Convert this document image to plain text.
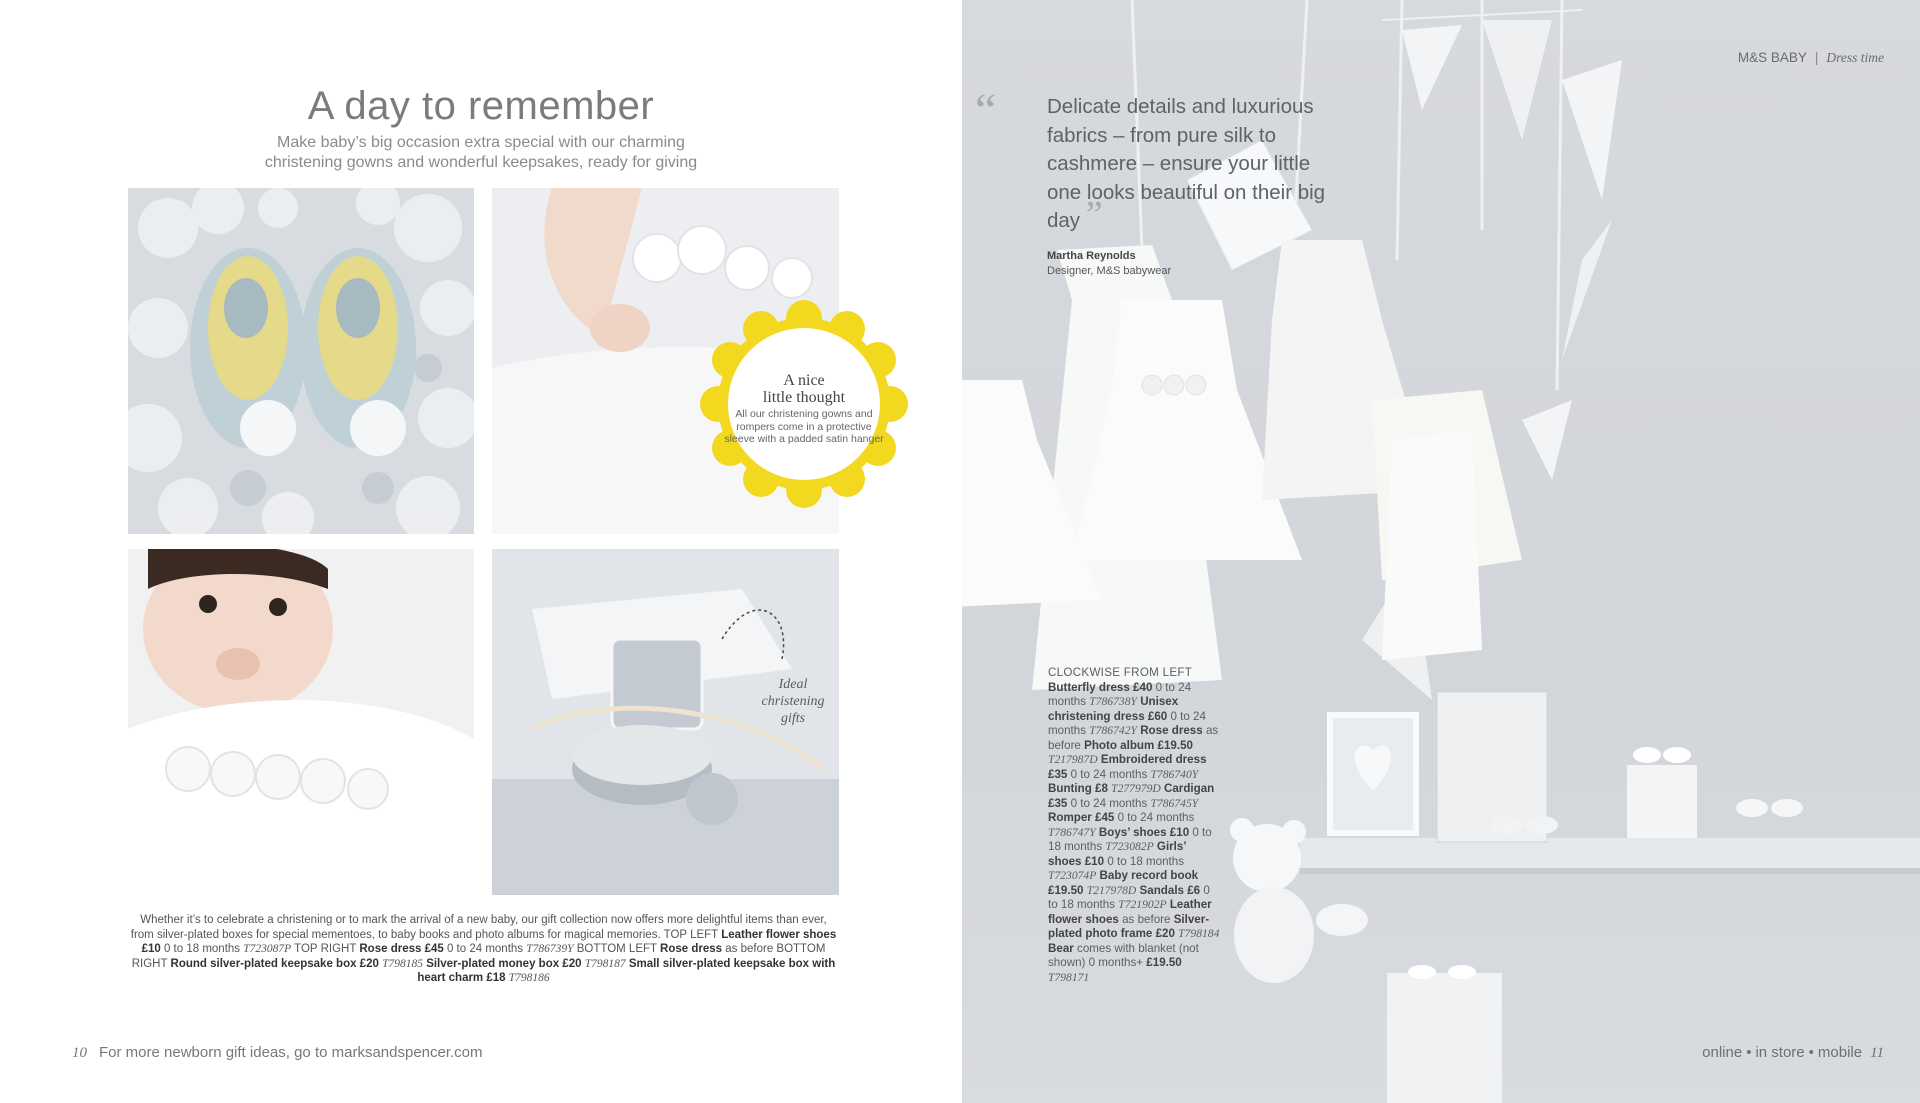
A day to remember
Make baby’s big occasion extra special with our charming
christening gowns and wonderful keepsakes, ready for giving
A nice
little thought
All our christening gowns and rompers come in a protective sleeve with a padded satin hanger
Ideal
christening
gifts
Whether it’s to celebrate a christening or to mark the arrival of a new baby, our gift collection now offers more delightful items than ever, from silver-plated boxes for special mementoes, to baby books and photo albums for magical memories. TOP LEFT Leather flower shoes £10 0 to 18 months T723087P TOP RIGHT Rose dress £45 0 to 24 months T786739Y BOTTOM LEFT Rose dress as before BOTTOM RIGHT Round silver-plated keepsake box £20 T798185 Silver-plated money box £20 T798187 Small silver-plated keepsake box with heart charm £18 T798186
10 For more newborn gift ideas, go to marksandspencer.com
M&S BABY | Dress time
“ Delicate details and luxurious fabrics – from pure silk to cashmere – ensure your little one looks beautiful on their big day ”
Martha Reynolds
Designer, M&S babywear
CLOCKWISE FROM LEFT
Butterfly dress £40 0 to 24 months T786738Y Unisex christening dress £60 0 to 24 months T786742Y Rose dress as before Photo album £19.50 T217987D Embroidered dress £35 0 to 24 months T786740Y Bunting £8 T277979D Cardigan £35 0 to 24 months T786745Y Romper £45 0 to 24 months T786747Y Boys’ shoes £10 0 to 18 months T723082P Girls’ shoes £10 0 to 18 months T723074P Baby record book £19.50 T217978D Sandals £6 0 to 18 months T721902P Leather flower shoes as before Silver-plated photo frame £20 T798184 Bear comes with blanket (not shown) 0 months+ £19.50 T798171
online • in store • mobile 11
